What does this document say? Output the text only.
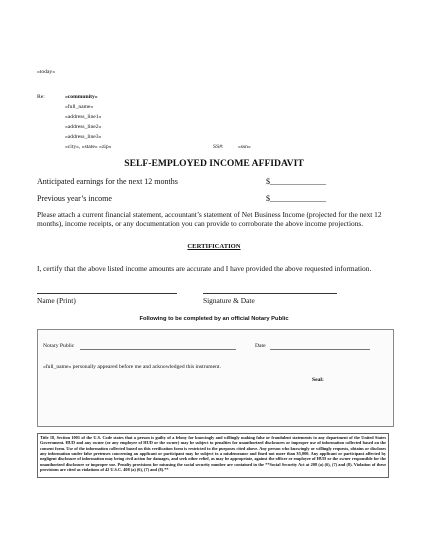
«today»
Re:	«community»
«full_name»
«address_line1»
«address_line2»
«address_line3»
«city», «state» «zip»	SS#:	«ssn»
SELF-EMPLOYED INCOME AFFIDAVIT
Anticipated earnings for the next 12 months	$______________
Previous year’s income	$______________
Please attach a current financial statement, accountant’s statement of Net Business Income (projected for the next 12 months), income receipts, or any documentation you can provide to corroborate the above income projections.
CERTIFICATION
I, certify that the above listed income amounts are accurate and I have provided the above requested information.
Name (Print)	Signature & Date
Following to be completed by an official Notary Public
Notary Public	Date
«full_name» personally appeared before me and acknowledged this instrument.
Seal:
Title 18, Section 1001 of the U.S. Code states that a person is guilty of a felony for knowingly and willingly making false or fraudulent statements to any department of the United States Government. HUD and any owner (or any employee of HUD or the owner) may be subject to penalties for unauthorized disclosures or improper use of information collected based on the consent form. Use of the information collected based on this verification form is restricted to the purposes cited above. Any person who knowingly or willingly requests, obtains or discloses any information under false pretenses concerning an applicant or participant may be subject to a misdemeanor and fined not more than $5,000. Any applicant or participant affected by negligent disclosure of information may bring civil action for damages, and seek other relief, as may be appropriate, against the officer or employee of HUD or the owner responsible for the unauthorized disclosure or improper use. Penalty provisions for misusing the social security number are contained in the **Social Security Act at 208 (a) (6), (7) and (8). Violation of these provisions are cited as violations of 42 U.S.C. 408 (a) (6), (7) and (8).**
